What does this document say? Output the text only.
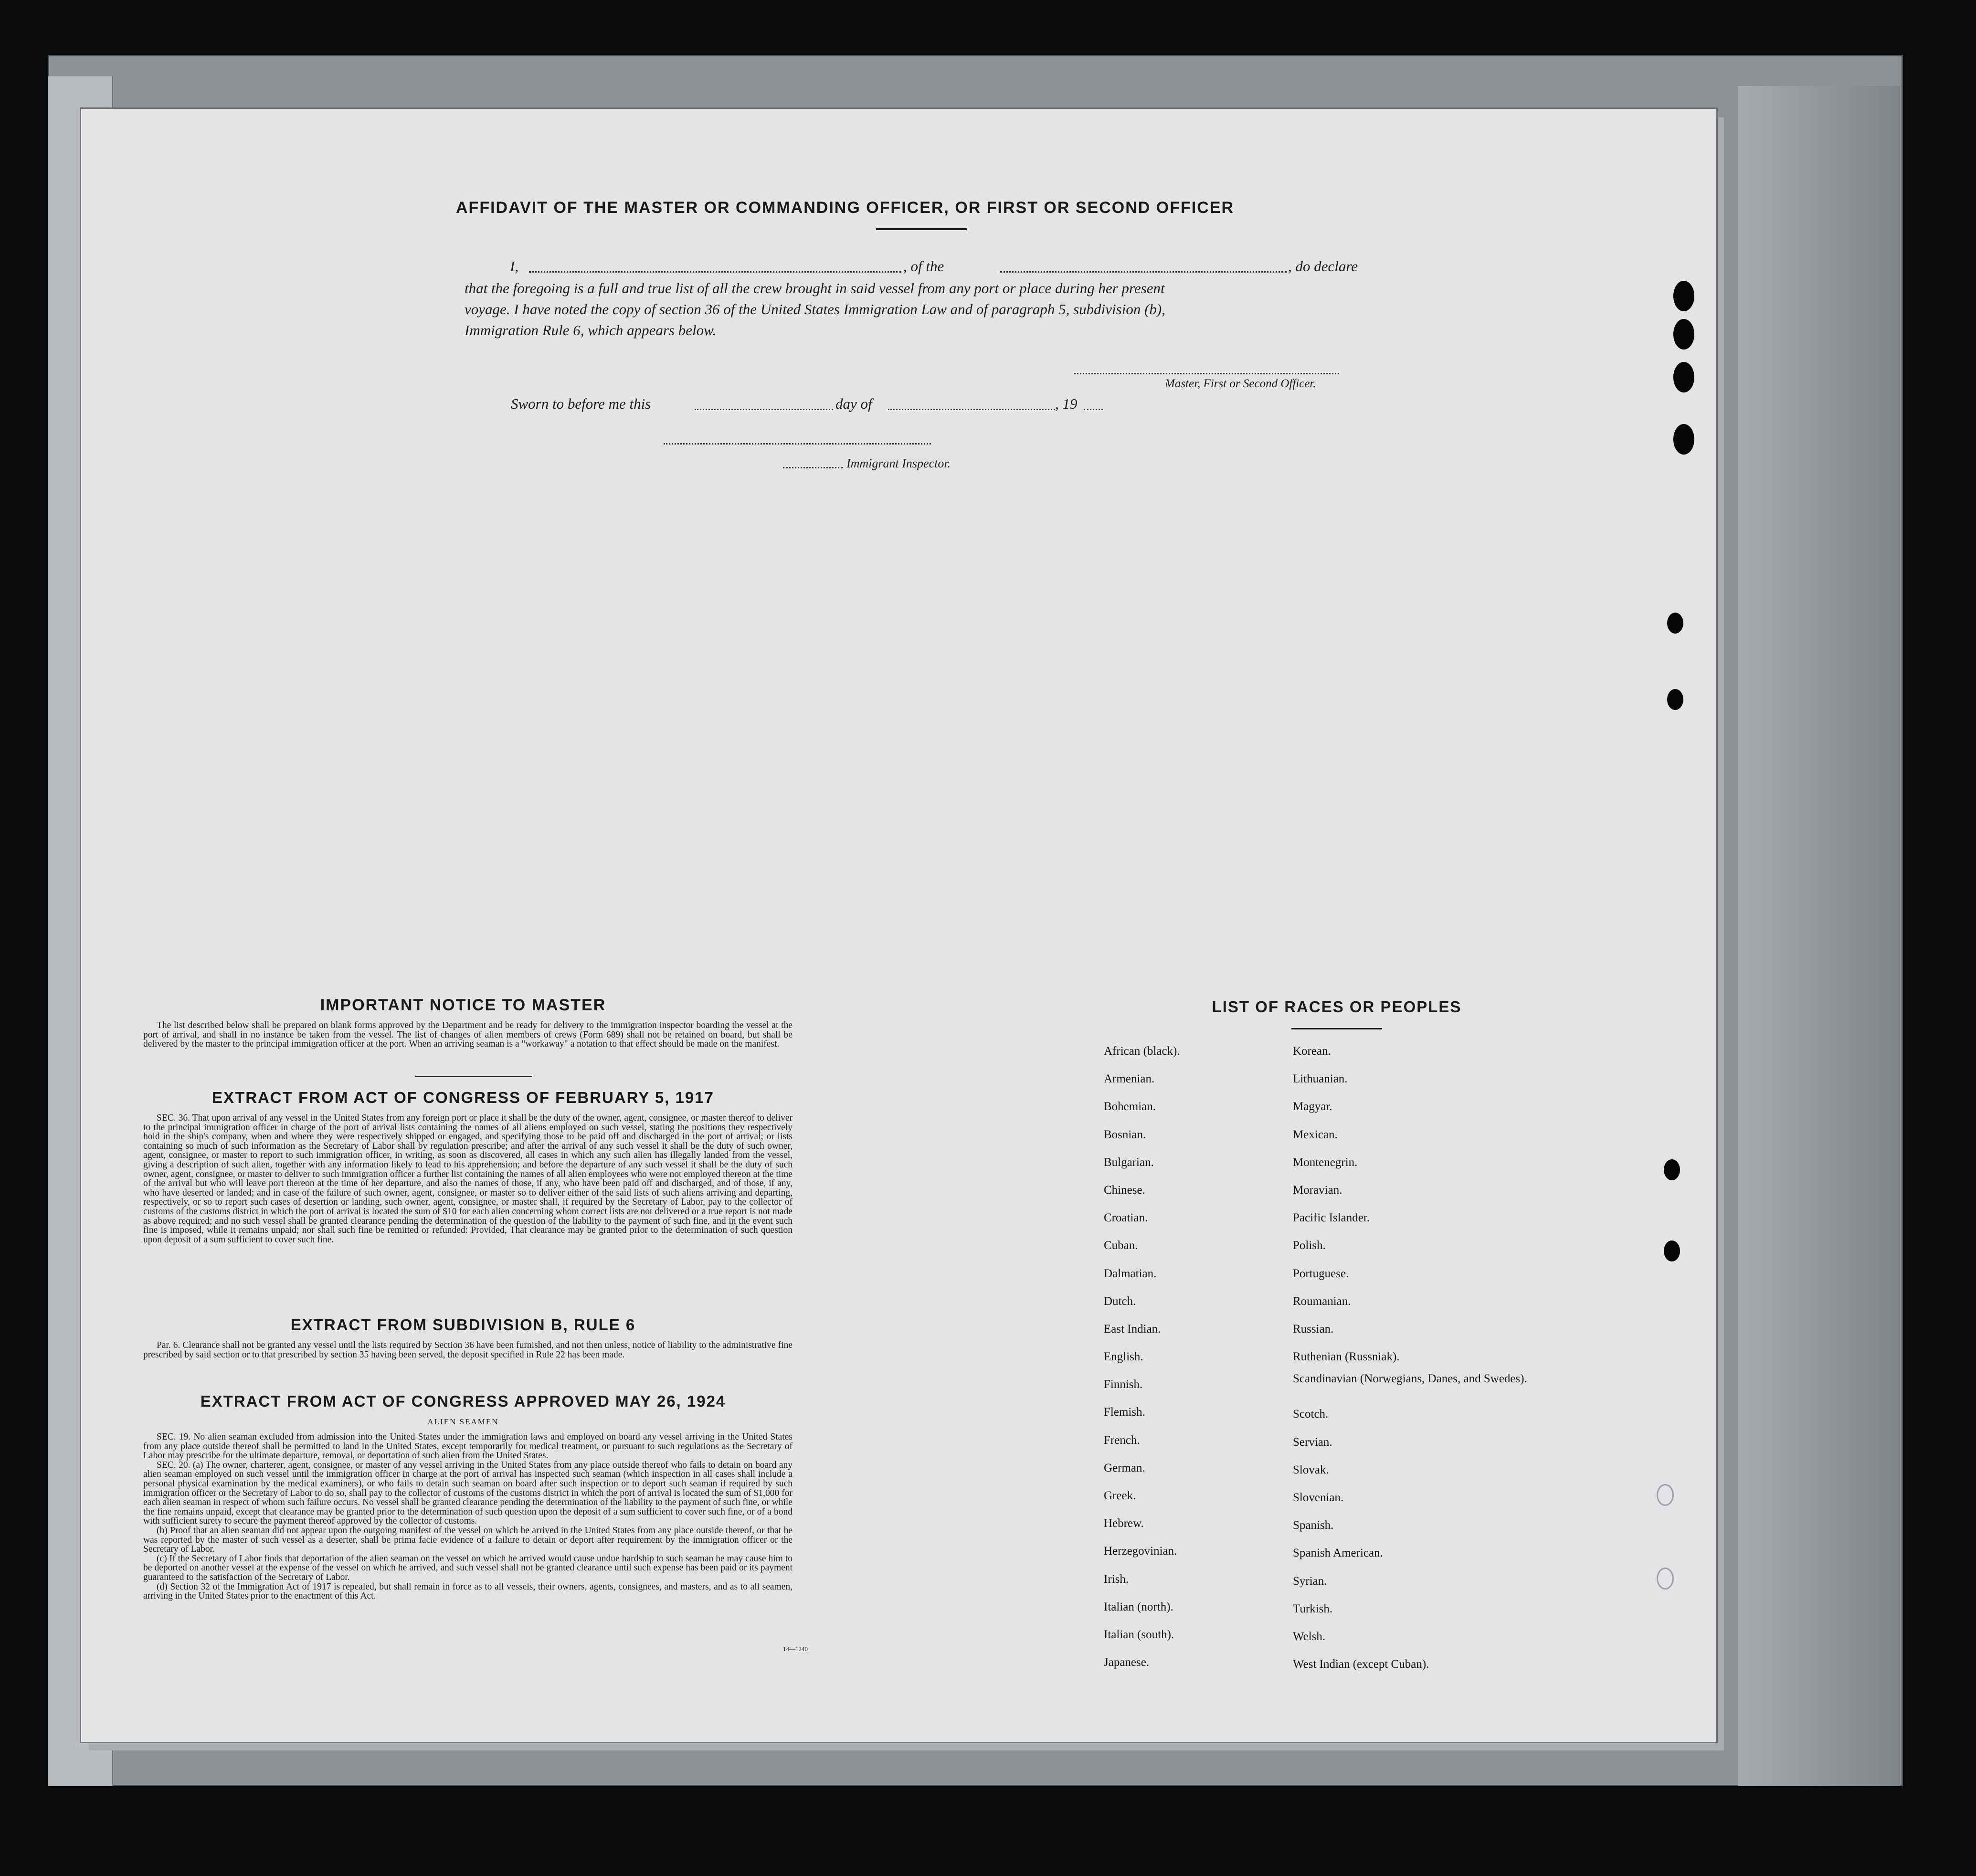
AFFIDAVIT OF THE MASTER OR COMMANDING OFFICER, OR FIRST OR SECOND OFFICER
I,	, of the	, do declare
that the foregoing is a full and true list of all the crew brought in said vessel from any port or place during her present
voyage. I have noted the copy of section 36 of the United States Immigration Law and of paragraph 5, subdivision (b),
Immigration Rule 6, which appears below.
Master, First or Second Officer.
Sworn to before me this	day of	, 19
Immigrant Inspector.
IMPORTANT NOTICE TO MASTER

The list described below shall be prepared on blank forms approved by the Department and be ready for delivery to the immigration inspector boarding the vessel at the port of arrival, and shall in no instance be taken from the vessel. The list of changes of alien members of crews (Form 689) shall not be retained on board, but shall be delivered by the master to the principal immigration officer at the port. When an arriving seaman is a "workaway" a notation to that effect should be made on the manifest.

EXTRACT FROM ACT OF CONGRESS OF FEBRUARY 5, 1917

SEC. 36. That upon arrival of any vessel in the United States from any foreign port or place it shall be the duty of the owner, agent, consignee, or master thereof to deliver to the principal immigration officer in charge of the port of arrival lists containing the names of all aliens employed on such vessel, stating the positions they respectively hold in the ship's company, when and where they were respectively shipped or engaged, and specifying those to be paid off and discharged in the port of arrival; or lists containing so much of such information as the Secretary of Labor shall by regulation prescribe; and after the arrival of any such vessel it shall be the duty of such owner, agent, consignee, or master to report to such immigration officer, in writing, as soon as discovered, all cases in which any such alien has illegally landed from the vessel, giving a description of such alien, together with any information likely to lead to his apprehension; and before the departure of any such vessel it shall be the duty of such owner, agent, consignee, or master to deliver to such immigration officer a further list containing the names of all alien employees who were not employed thereon at the time of the arrival but who will leave port thereon at the time of her departure, and also the names of those, if any, who have been paid off and discharged, and of those, if any, who have deserted or landed; and in case of the failure of such owner, agent, consignee, or master so to deliver either of the said lists of such aliens arriving and departing, respectively, or so to report such cases of desertion or landing, such owner, agent, consignee, or master shall, if required by the Secretary of Labor, pay to the collector of customs of the customs district in which the port of arrival is located the sum of $10 for each alien concerning whom correct lists are not delivered or a true report is not made as above required; and no such vessel shall be granted clearance pending the determination of the question of the liability to the payment of such fine, and in the event such fine is imposed, while it remains unpaid; nor shall such fine be remitted or refunded: Provided, That clearance may be granted prior to the determination of such question upon deposit of a sum sufficient to cover such fine.

EXTRACT FROM SUBDIVISION B, RULE 6

Par. 6. Clearance shall not be granted any vessel until the lists required by Section 36 have been furnished, and not then unless, notice of liability to the administrative fine prescribed by said section or to that prescribed by section 35 having been served, the deposit specified in Rule 22 has been made.

EXTRACT FROM ACT OF CONGRESS APPROVED MAY 26, 1924
ALIEN SEAMEN

SEC. 19. No alien seaman excluded from admission into the United States under the immigration laws and employed on board any vessel arriving in the United States from any place outside thereof shall be permitted to land in the United States, except temporarily for medical treatment, or pursuant to such regulations as the Secretary of Labor may prescribe for the ultimate departure, removal, or deportation of such alien from the United States.

SEC. 20. (a) The owner, charterer, agent, consignee, or master of any vessel arriving in the United States from any place outside thereof who fails to detain on board any alien seaman employed on such vessel until the immigration officer in charge at the port of arrival has inspected such seaman (which inspection in all cases shall include a personal physical examination by the medical examiners), or who fails to detain such seaman on board after such inspection or to deport such seaman if required by such immigration officer or the Secretary of Labor to do so, shall pay to the collector of customs of the customs district in which the port of arrival is located the sum of $1,000 for each alien seaman in respect of whom such failure occurs. No vessel shall be granted clearance pending the determination of the liability to the payment of such fine, or while the fine remains unpaid, except that clearance may be granted prior to the determination of such question upon the deposit of a sum sufficient to cover such fine, or of a bond with sufficient surety to secure the payment thereof approved by the collector of customs.

(b) Proof that an alien seaman did not appear upon the outgoing manifest of the vessel on which he arrived in the United States from any place outside thereof, or that he was reported by the master of such vessel as a deserter, shall be prima facie evidence of a failure to detain or deport after requirement by the immigration officer or the Secretary of Labor.

(c) If the Secretary of Labor finds that deportation of the alien seaman on the vessel on which he arrived would cause undue hardship to such seaman he may cause him to be deported on another vessel at the expense of the vessel on which he arrived, and such vessel shall not be granted clearance until such expense has been paid or its payment guaranteed to the satisfaction of the Secretary of Labor.

(d) Section 32 of the Immigration Act of 1917 is repealed, but shall remain in force as to all vessels, their owners, agents, consignees, and masters, and as to all seamen, arriving in the United States prior to the enactment of this Act.

14—1240
LIST OF RACES OR PEOPLES
African (black).
Armenian.
Bohemian.
Bosnian.
Bulgarian.
Chinese.
Croatian.
Cuban.
Dalmatian.
Dutch.
East Indian.
English.
Finnish.
Flemish.
French.
German.
Greek.
Hebrew.
Herzegovinian.
Irish.
Italian (north).
Italian (south).
Japanese.
Korean.
Lithuanian.
Magyar.
Mexican.
Montenegrin.
Moravian.
Pacific Islander.
Polish.
Portuguese.
Roumanian.
Russian.
Ruthenian (Russniak).
Scandinavian (Norwegians, Danes, and Swedes).
Scotch.
Servian.
Slovak.
Slovenian.
Spanish.
Spanish American.
Syrian.
Turkish.
Welsh.
West Indian (except Cuban).
